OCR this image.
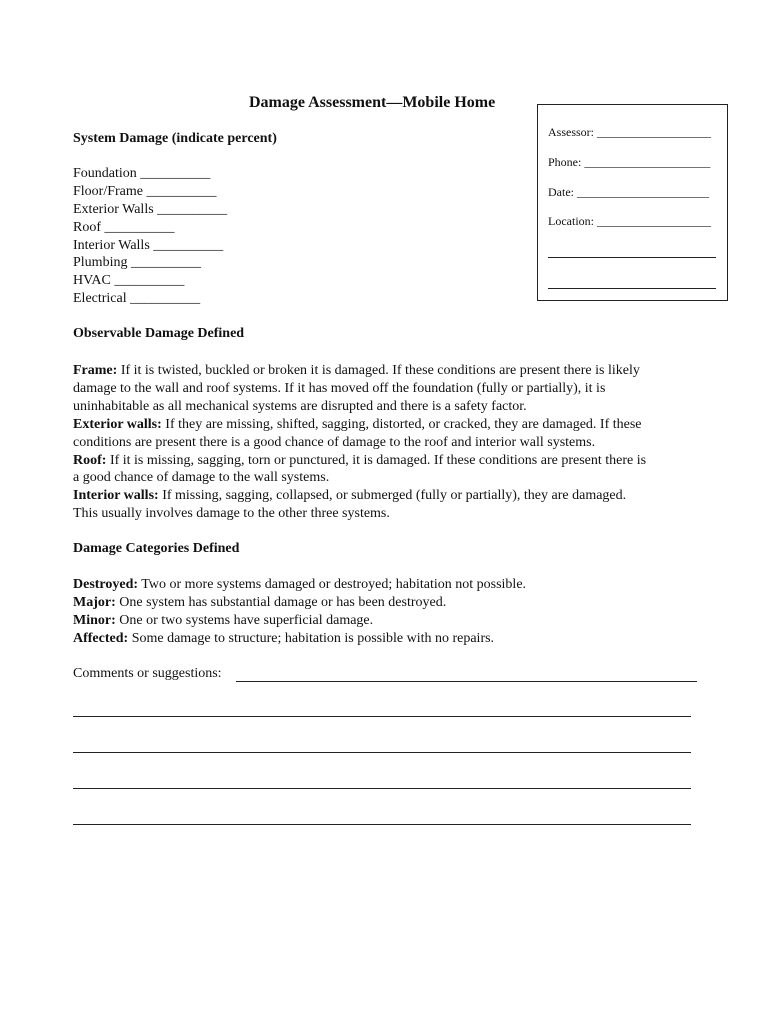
Damage Assessment—Mobile Home
System Damage (indicate percent)
Foundation __________
Floor/Frame __________
Exterior Walls __________
Roof __________
Interior Walls __________
Plumbing __________
HVAC __________
Electrical __________
Assessor: ___________________
Phone: _____________________
Date: ______________________
Location: ___________________
Observable Damage Defined
Frame: If it is twisted, buckled or broken it is damaged. If these conditions are present there is likely
damage to the wall and roof systems. If it has moved off the foundation (fully or partially), it is
uninhabitable as all mechanical systems are disrupted and there is a safety factor.
Exterior walls: If they are missing, shifted, sagging, distorted, or cracked, they are damaged. If these
conditions are present there is a good chance of damage to the roof and interior wall systems.
Roof: If it is missing, sagging, torn or punctured, it is damaged. If these conditions are present there is
a good chance of damage to the wall systems.
Interior walls: If missing, sagging, collapsed, or submerged (fully or partially), they are damaged.
This usually involves damage to the other three systems.
Damage Categories Defined
Destroyed: Two or more systems damaged or destroyed; habitation not possible.
Major: One system has substantial damage or has been destroyed.
Minor: One or two systems have superficial damage.
Affected: Some damage to structure; habitation is possible with no repairs.
Comments or suggestions:
